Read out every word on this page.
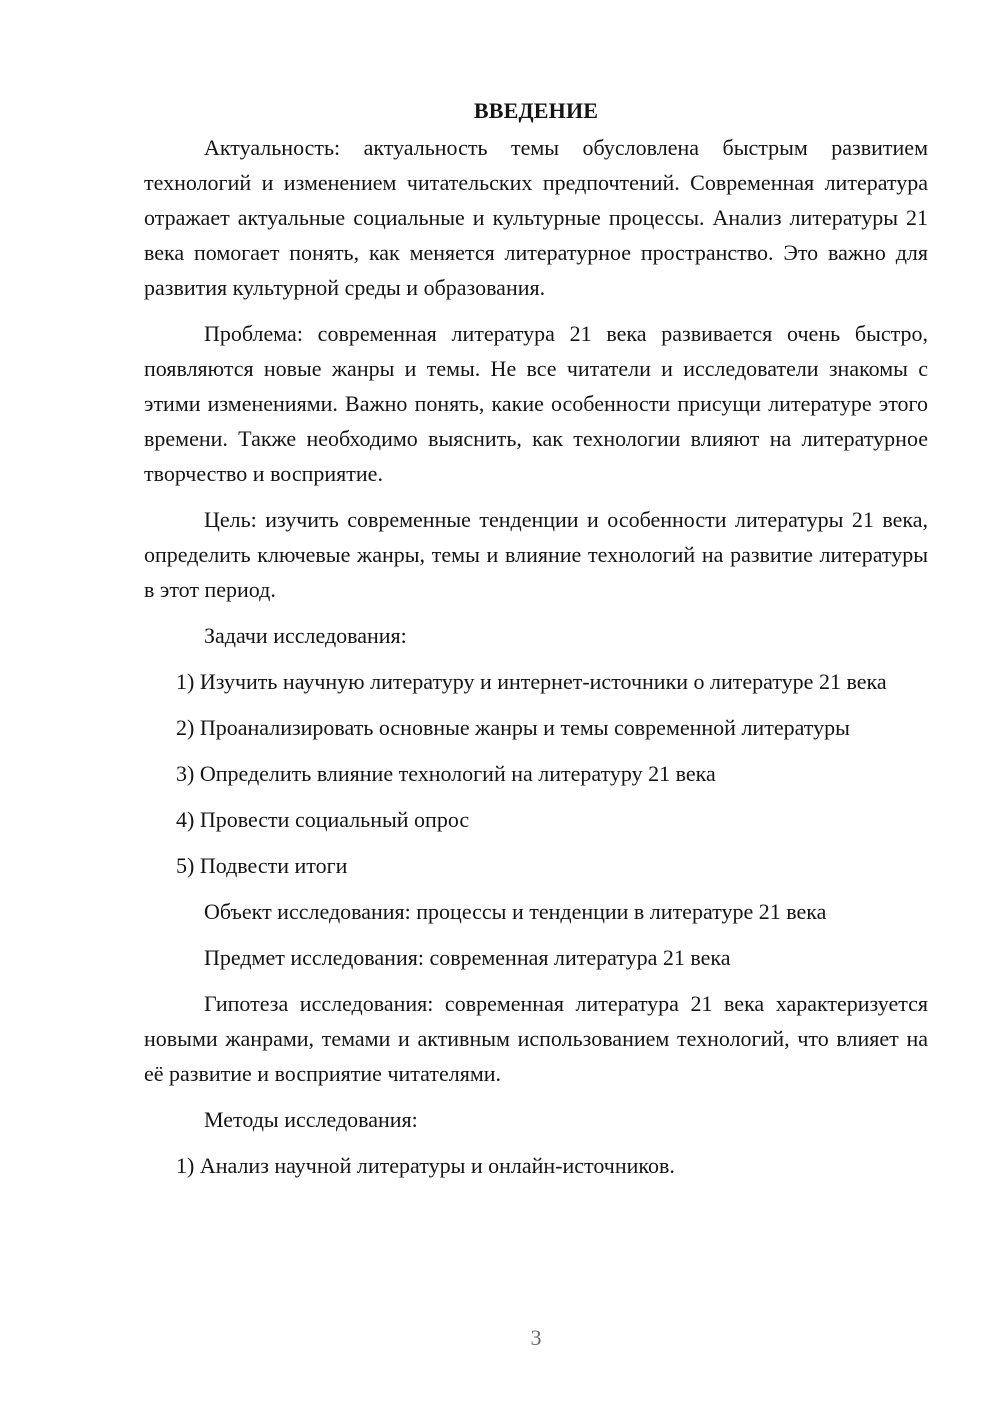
ВВЕДЕНИЕ

Актуальность: актуальность темы обусловлена быстрым развитием технологий и изменением читательских предпочтений. Современная литература отражает актуальные социальные и культурные процессы. Анализ литературы 21 века помогает понять, как меняется литературное пространство. Это важно для развития культурной среды и образования.

Проблема: современная литература 21 века развивается очень быстро, появляются новые жанры и темы. Не все читатели и исследователи знакомы с этими изменениями. Важно понять, какие особенности присущи литературе этого времени. Также необходимо выяснить, как технологии влияют на литературное творчество и восприятие.

Цель: изучить современные тенденции и особенности литературы 21 века, определить ключевые жанры, темы и влияние технологий на развитие литературы в этот период.

Задачи исследования:

1) Изучить научную литературу и интернет-источники о литературе 21 века

2) Проанализировать основные жанры и темы современной литературы

3) Определить влияние технологий на литературу 21 века

4) Провести социальный опрос

5) Подвести итоги

Объект исследования: процессы и тенденции в литературе 21 века

Предмет исследования: современная литература 21 века

Гипотеза исследования: современная литература 21 века характеризуется новыми жанрами, темами и активным использованием технологий, что влияет на её развитие и восприятие читателями.

Методы исследования:

1) Анализ научной литературы и онлайн-источников.

3
